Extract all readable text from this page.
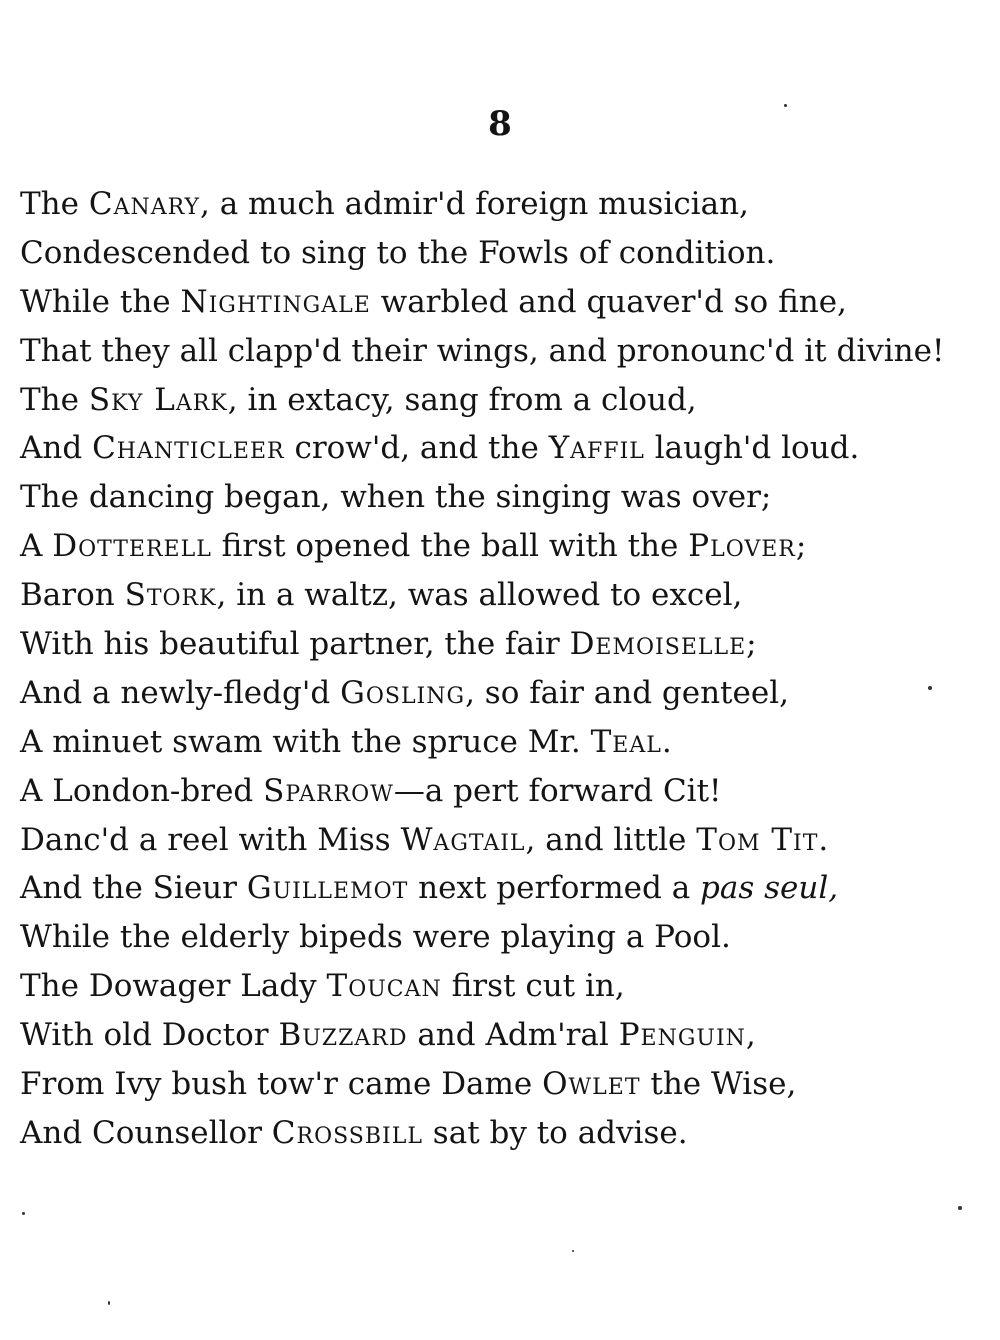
8
The Canary, a much admir'd foreign musician,
Condescended to sing to the Fowls of condition.
While the Nightingale warbled and quaver'd so fine,
That they all clapp'd their wings, and pronounc'd it divine!
The Sky Lark, in extacy, sang from a cloud,
And Chanticleer crow'd, and the Yaffil laugh'd loud.
The dancing began, when the singing was over;
A Dotterell first opened the ball with the Plover;
Baron Stork, in a waltz, was allowed to excel,
With his beautiful partner, the fair Demoiselle;
And a newly-fledg'd Gosling, so fair and genteel,
A minuet swam with the spruce Mr. Teal.
A London-bred Sparrow—a pert forward Cit!
Danc'd a reel with Miss Wagtail, and little Tom Tit.
And the Sieur Guillemot next performed a pas seul,
While the elderly bipeds were playing a Pool.
The Dowager Lady Toucan first cut in,
With old Doctor Buzzard and Adm'ral Penguin,
From Ivy bush tow'r came Dame Owlet the Wise,
And Counsellor Crossbill sat by to advise.
